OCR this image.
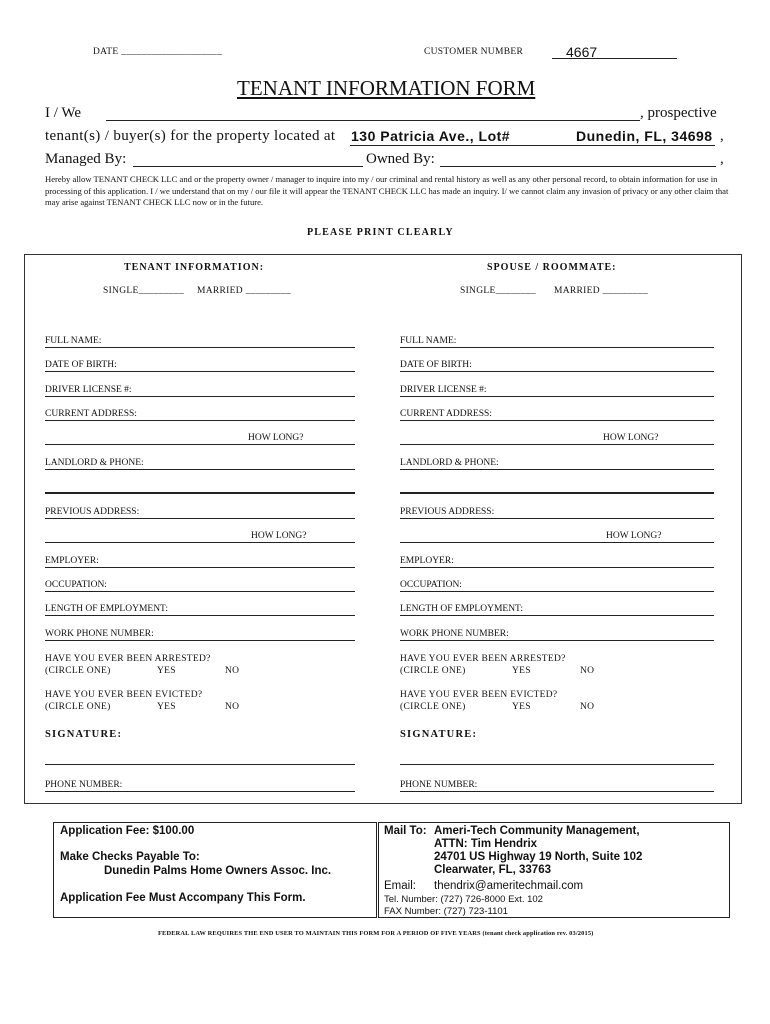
DATE ____________________	CUSTOMER NUMBER	4667
TENANT INFORMATION FORM
I / We	, prospective
tenant(s) / buyer(s) for the property located at 130 Patricia Ave., Lot#	Dunedin, FL, 34698 ,
Managed By:	Owned By:	,
Hereby allow TENANT CHECK LLC and or the property owner / manager to inquire into my / our criminal and rental history as well as any other personal record, to obtain information for use in processing of this application. I / we understand that on my / our file it will appear the TENANT CHECK LLC has made an inquiry. I/ we cannot claim any invasion of privacy or any other claim that may arise against TENANT CHECK LLC now or in the future.
PLEASE PRINT CLEARLY
TENANT INFORMATION:
SINGLE_________ MARRIED _________
SPOUSE / ROOMMATE:
SINGLE________ MARRIED _________
FULL NAME:
DATE OF BIRTH:
DRIVER LICENSE #:
CURRENT ADDRESS:
HOW LONG?
LANDLORD & PHONE:
PREVIOUS ADDRESS:
HOW LONG?
EMPLOYER:
OCCUPATION:
LENGTH OF EMPLOYMENT:
WORK PHONE NUMBER:
HAVE YOU EVER BEEN ARRESTED?
(CIRCLE ONE)	YES	NO
HAVE YOU EVER BEEN EVICTED?
(CIRCLE ONE)	YES	NO
SIGNATURE:
PHONE NUMBER:
FULL NAME:
DATE OF BIRTH:
DRIVER LICENSE #:
CURRENT ADDRESS:
HOW LONG?
LANDLORD & PHONE:
PREVIOUS ADDRESS:
HOW LONG?
EMPLOYER:
OCCUPATION:
LENGTH OF EMPLOYMENT:
WORK PHONE NUMBER:
HAVE YOU EVER BEEN ARRESTED?
(CIRCLE ONE)	YES	NO
HAVE YOU EVER BEEN EVICTED?
(CIRCLE ONE)	YES	NO
SIGNATURE:
PHONE NUMBER:
Application Fee: $100.00
Make Checks Payable To:
Dunedin Palms Home Owners Assoc. Inc.
Application Fee Must Accompany This Form.
Mail To: Ameri-Tech Community Management,
ATTN: Tim Hendrix
24701 US Highway 19 North, Suite 102
Clearwater, FL, 33763
Email: thendrix@ameritechmail.com
Tel. Number: (727) 726-8000 Ext. 102
FAX Number: (727) 723-1101
FEDERAL LAW REQUIRES THE END USER TO MAINTAIN THIS FORM FOR A PERIOD OF FIVE YEARS (tenant check application rev. 03/2015)
